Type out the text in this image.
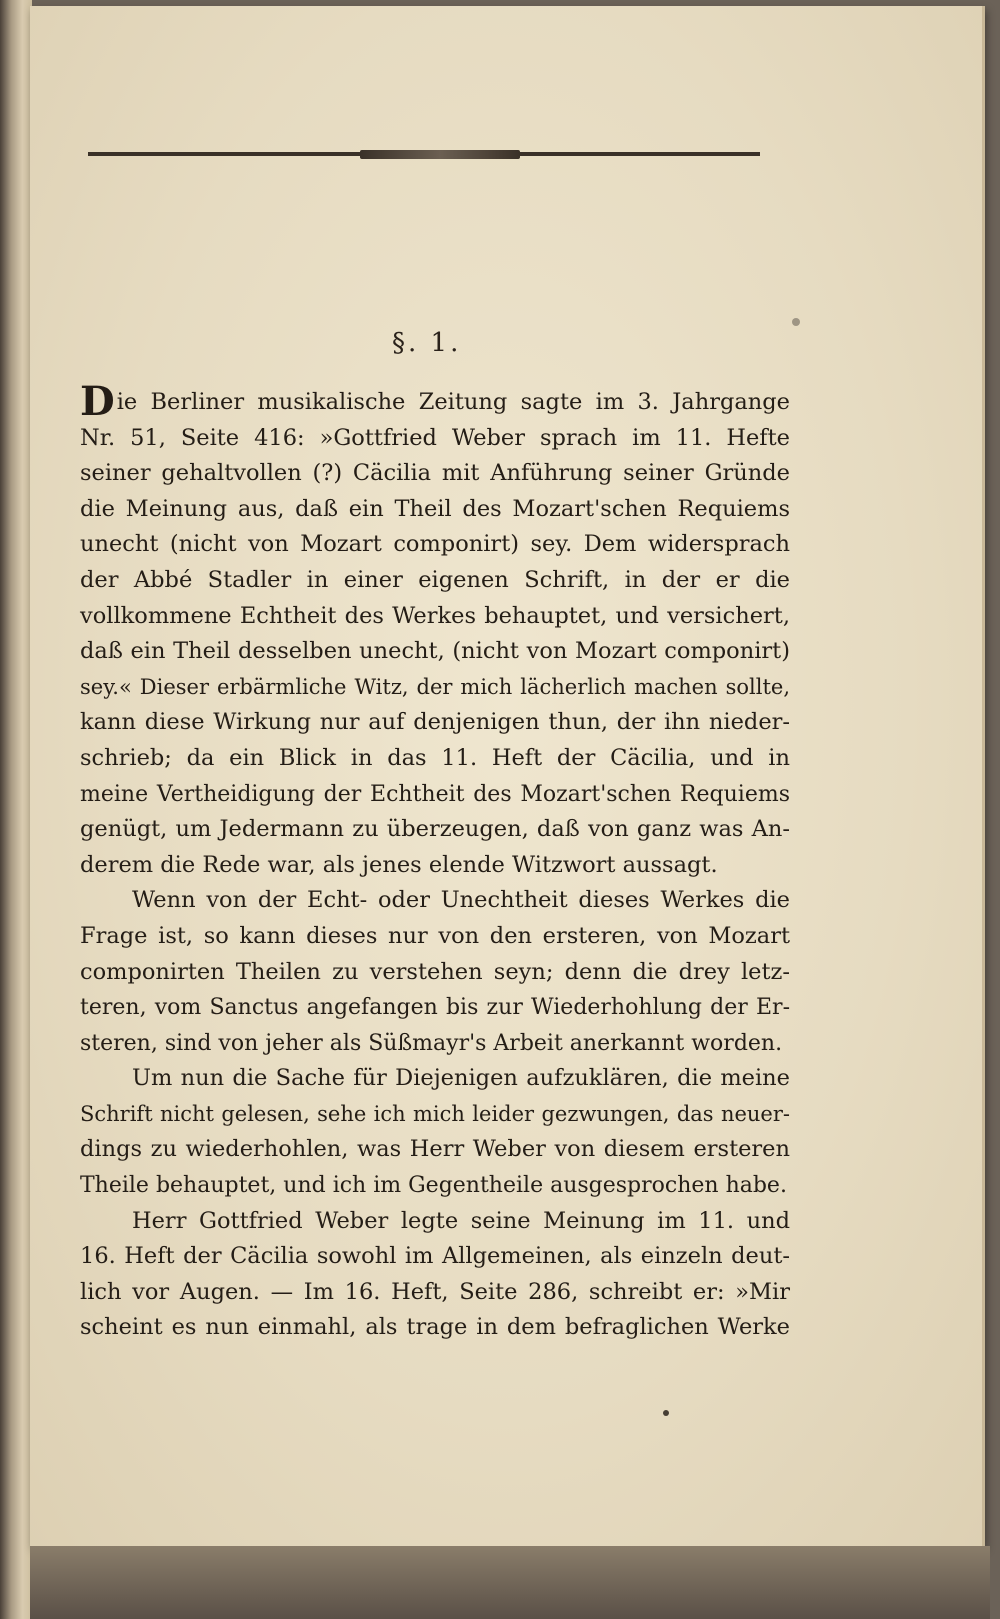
§. 1.
Die Berliner musikalische Zeitung sagte im 3. Jahrgange
Nr. 51, Seite 416: »Gottfried Weber sprach im 11. Hefte
seiner gehaltvollen (?) Cäcilia mit Anführung seiner Gründe
die Meinung aus, daß ein Theil des Mozart'schen Requiems
unecht (nicht von Mozart componirt) sey. Dem widersprach
der Abbé Stadler in einer eigenen Schrift, in der er die
vollkommene Echtheit des Werkes behauptet, und versichert,
daß ein Theil desselben unecht, (nicht von Mozart componirt)
sey.« Dieser erbärmliche Witz, der mich lächerlich machen sollte,
kann diese Wirkung nur auf denjenigen thun, der ihn nieder-
schrieb; da ein Blick in das 11. Heft der Cäcilia, und in
meine Vertheidigung der Echtheit des Mozart'schen Requiems
genügt, um Jedermann zu überzeugen, daß von ganz was An-
derem die Rede war, als jenes elende Witzwort aussagt.
Wenn von der Echt- oder Unechtheit dieses Werkes die
Frage ist, so kann dieses nur von den ersteren, von Mozart
componirten Theilen zu verstehen seyn; denn die drey letz-
teren, vom Sanctus angefangen bis zur Wiederhohlung der Er-
steren, sind von jeher als Süßmayr's Arbeit anerkannt worden.
Um nun die Sache für Diejenigen aufzuklären, die meine
Schrift nicht gelesen, sehe ich mich leider gezwungen, das neuer-
dings zu wiederhohlen, was Herr Weber von diesem ersteren
Theile behauptet, und ich im Gegentheile ausgesprochen habe.
Herr Gottfried Weber legte seine Meinung im 11. und
16. Heft der Cäcilia sowohl im Allgemeinen, als einzeln deut-
lich vor Augen. — Im 16. Heft, Seite 286, schreibt er: »Mir
scheint es nun einmahl, als trage in dem befraglichen Werke
